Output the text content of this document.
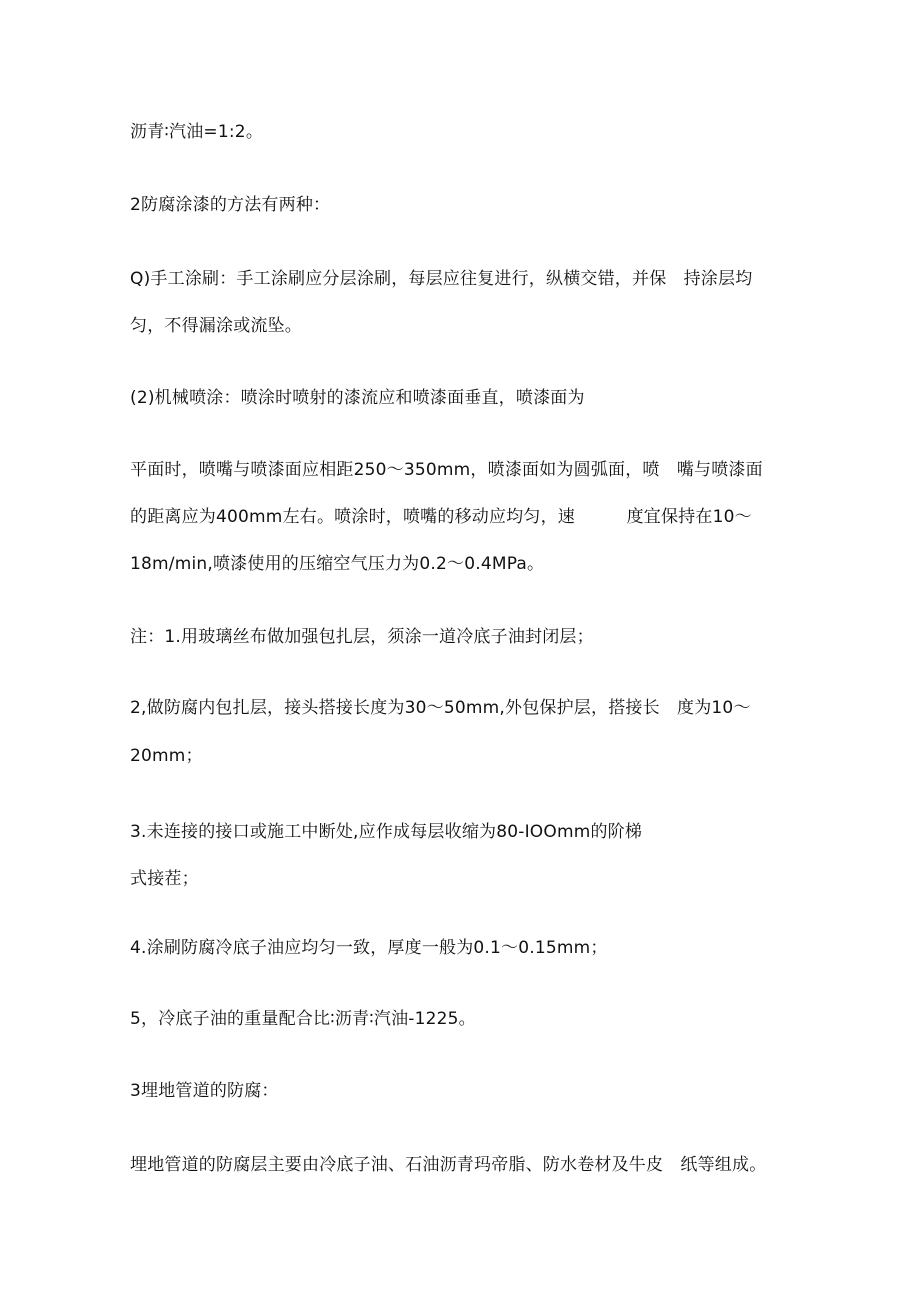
沥青∶汽油=1:2。
2防腐涂漆的方法有两种：
Q)手工涂刷：手工涂刷应分层涂刷，每层应往复进行，纵横交错，并保　持涂层均
匀，不得漏涂或流坠。
(2)机械喷涂：喷涂时喷射的漆流应和喷漆面垂直，喷漆面为
平面时，喷嘴与喷漆面应相距250～350mm，喷漆面如为圆弧面，喷　嘴与喷漆面
的距离应为400mm左右。喷涂时，喷嘴的移动应均匀，速　　　度宜保持在10～
18m∕min,喷漆使用的压缩空气压力为0.2～0.4MPa。
注：1.用玻璃丝布做加强包扎层，须涂一道冷底子油封闭层；
2,做防腐内包扎层，接头搭接长度为30～50mm,外包保护层，搭接长　度为10～
20mm；
3.未连接的接口或施工中断处,应作成每层收缩为80-IOOmm的阶梯
式接茬；
4.涂刷防腐冷底子油应均匀一致，厚度一般为0.1～0.15mm；
5，冷底子油的重量配合比∶沥青∶汽油-1225。
3埋地管道的防腐：
埋地管道的防腐层主要由冷底子油、石油沥青玛帝脂、防水卷材及牛皮　纸等组成。
